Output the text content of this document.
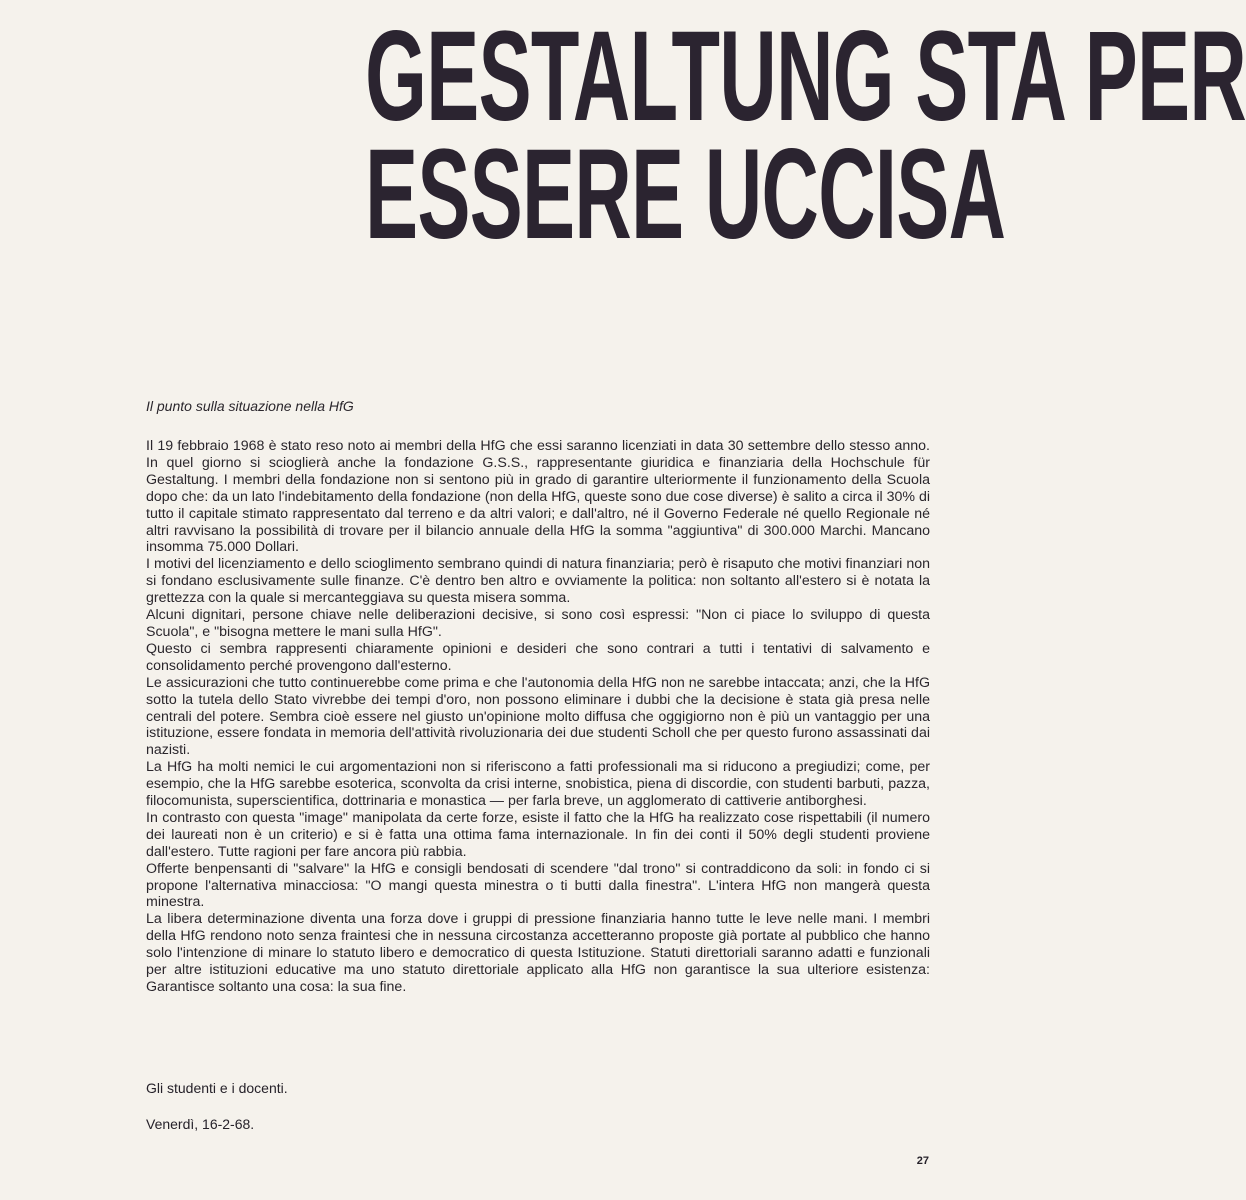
GESTALTUNG STA PER
ESSERE UCCISA

Il punto sulla situazione nella HfG

Il 19 febbraio 1968 è stato reso noto ai membri della HfG che essi saranno licenziati in data 30 settembre dello stesso anno. In quel giorno si scioglierà anche la fondazione G.S.S., rappresentante giuridica e finanziaria della Hochschule für Gestaltung. I membri della fondazione non si sentono più in grado di garantire ulteriormente il funzionamento della Scuola dopo che: da un lato l'indebitamento della fondazione (non della HfG, queste sono due cose diverse) è salito a circa il 30% di tutto il capitale stimato rappresentato dal terreno e da altri valori; e dall'altro, né il Governo Federale né quello Regionale né altri ravvisano la possibilità di trovare per il bilancio annuale della HfG la somma "aggiuntiva" di 300.000 Marchi. Mancano insomma 75.000 Dollari.

I motivi del licenziamento e dello scioglimento sembrano quindi di natura finanziaria; però è risaputo che motivi finanziari non si fondano esclusivamente sulle finanze. C'è dentro ben altro e ovviamente la politica: non soltanto all'estero si è notata la grettezza con la quale si mercanteggiava su questa misera somma.

Alcuni dignitari, persone chiave nelle deliberazioni decisive, si sono così espressi: "Non ci piace lo sviluppo di questa Scuola", e "bisogna mettere le mani sulla HfG".

Questo ci sembra rappresenti chiaramente opinioni e desideri che sono contrari a tutti i tentativi di salvamento e consolidamento perché provengono dall'esterno.

Le assicurazioni che tutto continuerebbe come prima e che l'autonomia della HfG non ne sarebbe intaccata; anzi, che la HfG sotto la tutela dello Stato vivrebbe dei tempi d'oro, non possono eliminare i dubbi che la decisione è stata già presa nelle centrali del potere. Sembra cioè essere nel giusto un'opinione molto diffusa che oggigiorno non è più un vantaggio per una istituzione, essere fondata in memoria dell'attività rivoluzionaria dei due studenti Scholl che per questo furono assassinati dai nazisti.

La HfG ha molti nemici le cui argomentazioni non si riferiscono a fatti professionali ma si riducono a pregiudizi; come, per esempio, che la HfG sarebbe esoterica, sconvolta da crisi interne, snobistica, piena di discordie, con studenti barbuti, pazza, filocomunista, superscientifica, dottrinaria e monastica — per farla breve, un agglomerato di cattiverie antiborghesi.

In contrasto con questa "image" manipolata da certe forze, esiste il fatto che la HfG ha realizzato cose rispettabili (il numero dei laureati non è un criterio) e si è fatta una ottima fama internazionale. In fin dei conti il 50% degli studenti proviene dall'estero. Tutte ragioni per fare ancora più rabbia.

Offerte benpensanti di "salvare" la HfG e consigli bendosati di scendere "dal trono" si contraddicono da soli: in fondo ci si propone l'alternativa minacciosa: "O mangi questa minestra o ti butti dalla finestra". L'intera HfG non mangerà questa minestra.

La libera determinazione diventa una forza dove i gruppi di pressione finanziaria hanno tutte le leve nelle mani. I membri della HfG rendono noto senza fraintesi che in nessuna circostanza accetteranno proposte già portate al pubblico che hanno solo l'intenzione di minare lo statuto libero e democratico di questa Istituzione. Statuti direttoriali saranno adatti e funzionali per altre istituzioni educative ma uno statuto direttoriale applicato alla HfG non garantisce la sua ulteriore esistenza: Garantisce soltanto una cosa: la sua fine.

Gli studenti e i docenti.

Venerdì, 16-2-68.

27
